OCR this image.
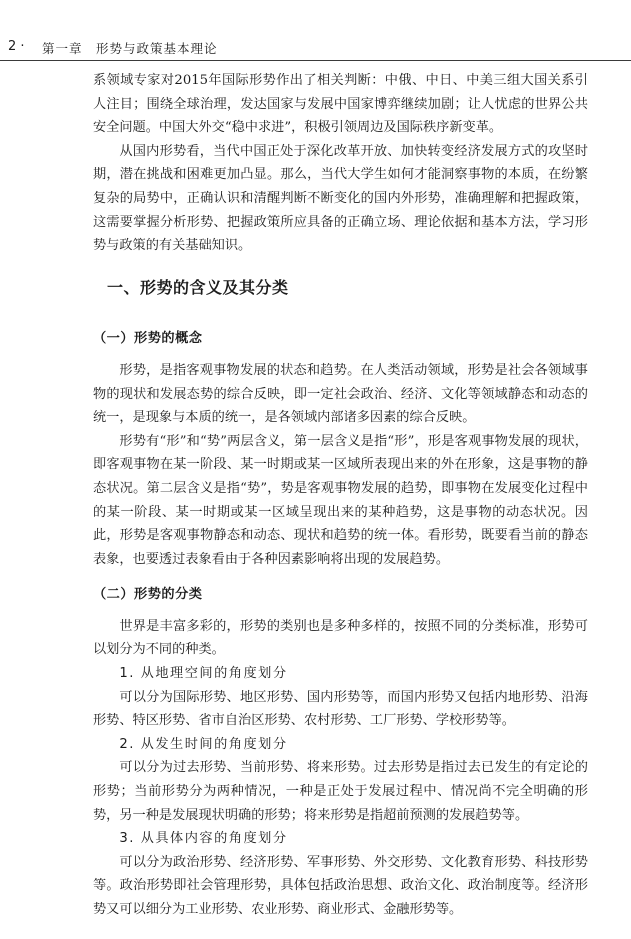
2 · 第一章　形势与政策基本理论

系领域专家对2015年国际形势作出了相关判断：中俄、中日、中美三组大国关系引人注目；围绕全球治理，发达国家与发展中国家博弈继续加剧；让人忧虑的世界公共安全问题。中国大外交“稳中求进”，积极引领周边及国际秩序新变革。

从国内形势看，当代中国正处于深化改革开放、加快转变经济发展方式的攻坚时期，潜在挑战和困难更加凸显。那么，当代大学生如何才能洞察事物的本质，在纷繁复杂的局势中，正确认识和清醒判断不断变化的国内外形势，准确理解和把握政策，这需要掌握分析形势、把握政策所应具备的正确立场、理论依据和基本方法，学习形势与政策的有关基础知识。

一、形势的含义及其分类
（一）形势的概念

形势，是指客观事物发展的状态和趋势。在人类活动领域，形势是社会各领域事物的现状和发展态势的综合反映，即一定社会政治、经济、文化等领域静态和动态的统一，是现象与本质的统一，是各领域内部诸多因素的综合反映。

形势有“形”和“势”两层含义，第一层含义是指“形”，形是客观事物发展的现状，即客观事物在某一阶段、某一时期或某一区域所表现出来的外在形象，这是事物的静态状况。第二层含义是指“势”，势是客观事物发展的趋势，即事物在发展变化过程中的某一阶段、某一时期或某一区域呈现出来的某种趋势，这是事物的动态状况。因此，形势是客观事物静态和动态、现状和趋势的统一体。看形势，既要看当前的静态表象，也要透过表象看由于各种因素影响将出现的发展趋势。

（二）形势的分类

世界是丰富多彩的，形势的类别也是多种多样的，按照不同的分类标准，形势可以划分为不同的种类。

1. 从地理空间的角度划分

可以分为国际形势、地区形势、国内形势等，而国内形势又包括内地形势、沿海形势、特区形势、省市自治区形势、农村形势、工厂形势、学校形势等。

2. 从发生时间的角度划分

可以分为过去形势、当前形势、将来形势。过去形势是指过去已发生的有定论的形势；当前形势分为两种情况，一种是正处于发展过程中、情况尚不完全明确的形势，另一种是发展现状明确的形势；将来形势是指超前预测的发展趋势等。

3. 从具体内容的角度划分

可以分为政治形势、经济形势、军事形势、外交形势、文化教育形势、科技形势等。政治形势即社会管理形势，具体包括政治思想、政治文化、政治制度等。经济形势又可以细分为工业形势、农业形势、商业形式、金融形势等。
